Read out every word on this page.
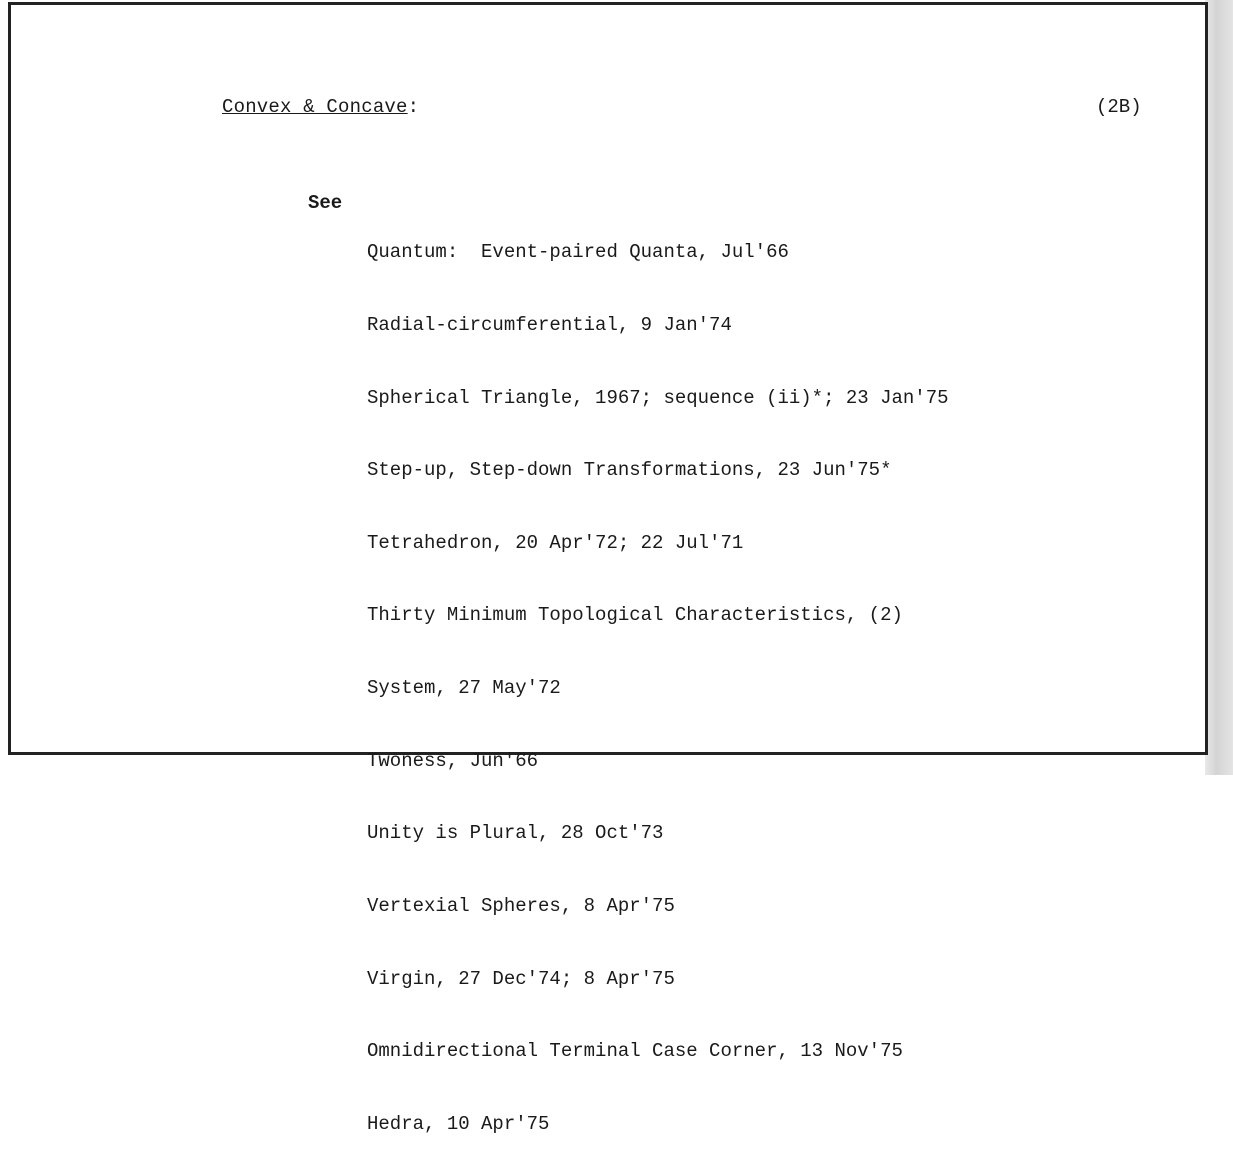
Convex & Concave:	(2B)
See

Quantum:  Event-paired Quanta, Jul'66

Radial-circumferential, 9 Jan'74

Spherical Triangle, 1967; sequence (ii)*; 23 Jan'75

Step-up, Step-down Transformations, 23 Jun'75*

Tetrahedron, 20 Apr'72; 22 Jul'71

Thirty Minimum Topological Characteristics, (2)

System, 27 May'72

Twoness, Jun'66

Unity is Plural, 28 Oct'73

Vertexial Spheres, 8 Apr'75

Virgin, 27 Dec'74; 8 Apr'75

Omnidirectional Terminal Case Corner, 13 Nov'75

Hedra, 10 Apr'75
